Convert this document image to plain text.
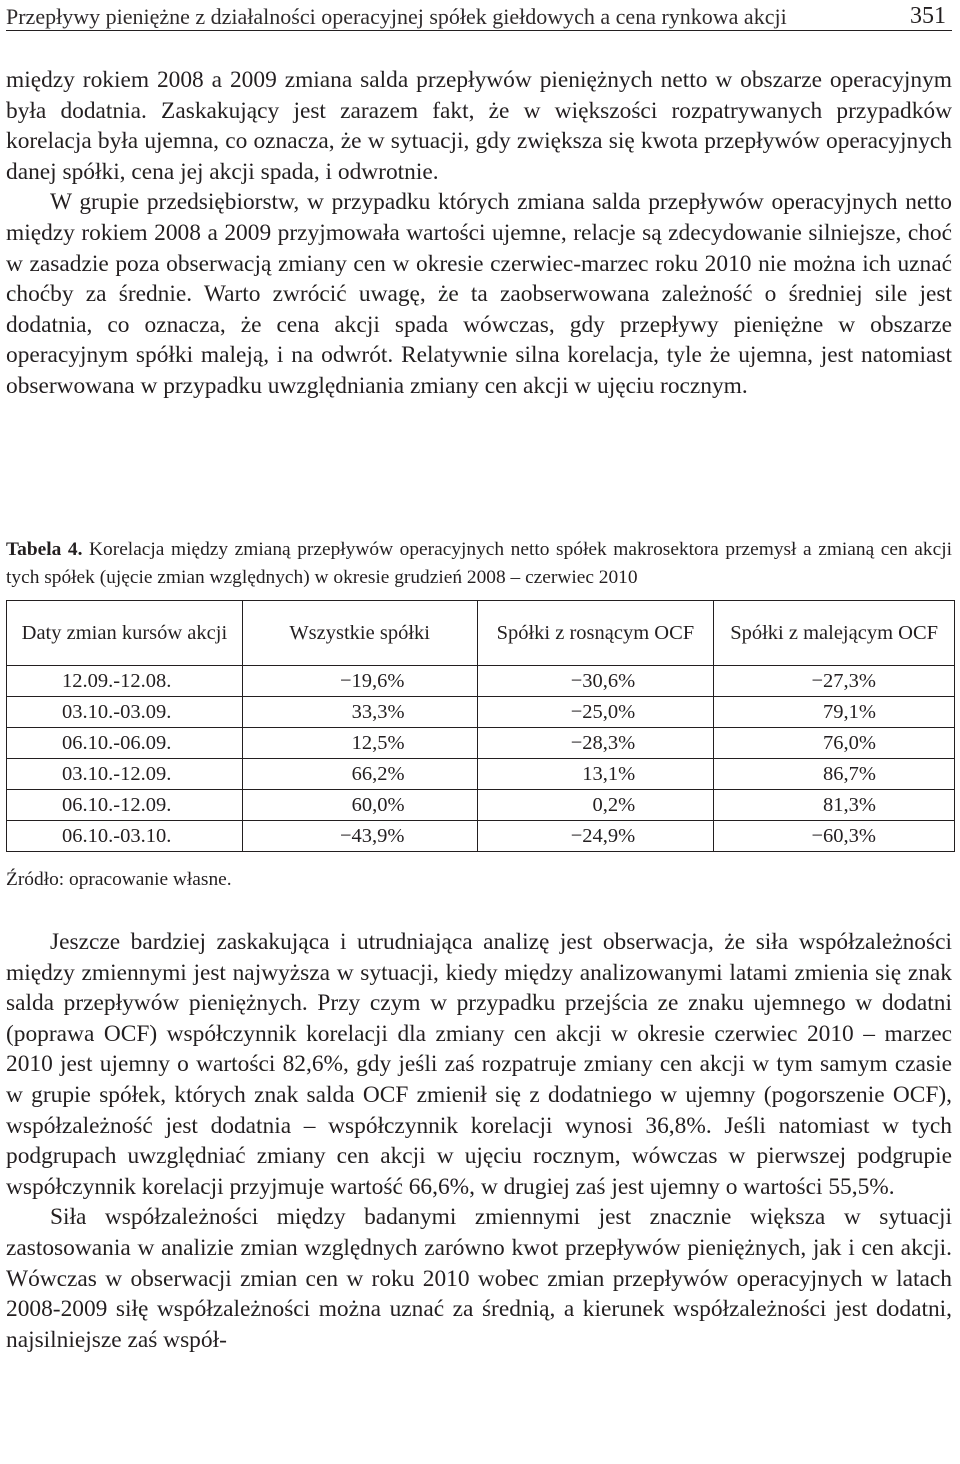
Przepływy pieniężne z działalności operacyjnej spółek giełdowych a cena rynkowa akcji	351

między rokiem 2008 a 2009 zmiana salda przepływów pieniężnych netto w obszarze operacyjnym była dodatnia. Zaskakujący jest zarazem fakt, że w większości rozpatrywanych przypadków korelacja była ujemna, co oznacza, że w sytuacji, gdy zwiększa się kwota przepływów operacyjnych danej spółki, cena jej akcji spada, i odwrotnie.

W grupie przedsiębiorstw, w przypadku których zmiana salda przepływów operacyjnych netto między rokiem 2008 a 2009 przyjmowała wartości ujemne, relacje są zdecydowanie silniejsze, choć w zasadzie poza obserwacją zmiany cen w okresie czerwiec-marzec roku 2010 nie można ich uznać choćby za średnie. Warto zwrócić uwagę, że ta zaobserwowana zależność o średniej sile jest dodatnia, co oznacza, że cena akcji spada wówczas, gdy przepływy pieniężne w obszarze operacyjnym spółki maleją, i na odwrót. Relatywnie silna korelacja, tyle że ujemna, jest natomiast obserwowana w przypadku uwzględniania zmiany cen akcji w ujęciu rocznym.

Tabela 4. Korelacja między zmianą przepływów operacyjnych netto spółek makrosektora przemysł a zmianą cen akcji tych spółek (ujęcie zmian względnych) w okresie grudzień 2008 – czerwiec 2010
Daty zmian kursów akcji	Wszystkie spółki	Spółki z rosnącym OCF	Spółki z malejącym OCF
12.09.-12.08.	−19,6%	−30,6%	−27,3%
03.10.-03.09.	33,3%	−25,0%	79,1%
06.10.-06.09.	12,5%	−28,3%	76,0%
03.10.-12.09.	66,2%	13,1%	86,7%
06.10.-12.09.	60,0%	0,2%	81,3%
06.10.-03.10.	−43,9%	−24,9%	−60,3%
Źródło: opracowanie własne.

Jeszcze bardziej zaskakująca i utrudniająca analizę jest obserwacja, że siła współzależności między zmiennymi jest najwyższa w sytuacji, kiedy między analizowanymi latami zmienia się znak salda przepływów pieniężnych. Przy czym w przypadku przejścia ze znaku ujemnego w dodatni (poprawa OCF) współczynnik korelacji dla zmiany cen akcji w okresie czerwiec 2010 – marzec 2010 jest ujemny o wartości 82,6%, gdy jeśli zaś rozpatruje zmiany cen akcji w tym samym czasie w grupie spółek, których znak salda OCF zmienił się z dodatniego w ujemny (pogorszenie OCF), współzależność jest dodatnia – współczynnik korelacji wynosi 36,8%. Jeśli natomiast w tych podgrupach uwzględniać zmiany cen akcji w ujęciu rocznym, wówczas w pierwszej podgrupie współczynnik korelacji przyjmuje wartość 66,6%, w drugiej zaś jest ujemny o wartości 55,5%.

Siła współzależności między badanymi zmiennymi jest znacznie większa w sytuacji zastosowania w analizie zmian względnych zarówno kwot przepływów pieniężnych, jak i cen akcji. Wówczas w obserwacji zmian cen w roku 2010 wobec zmian przepływów operacyjnych w latach 2008-2009 siłę współzależności można uznać za średnią, a kierunek współzależności jest dodatni, najsilniejsze zaś współ-
